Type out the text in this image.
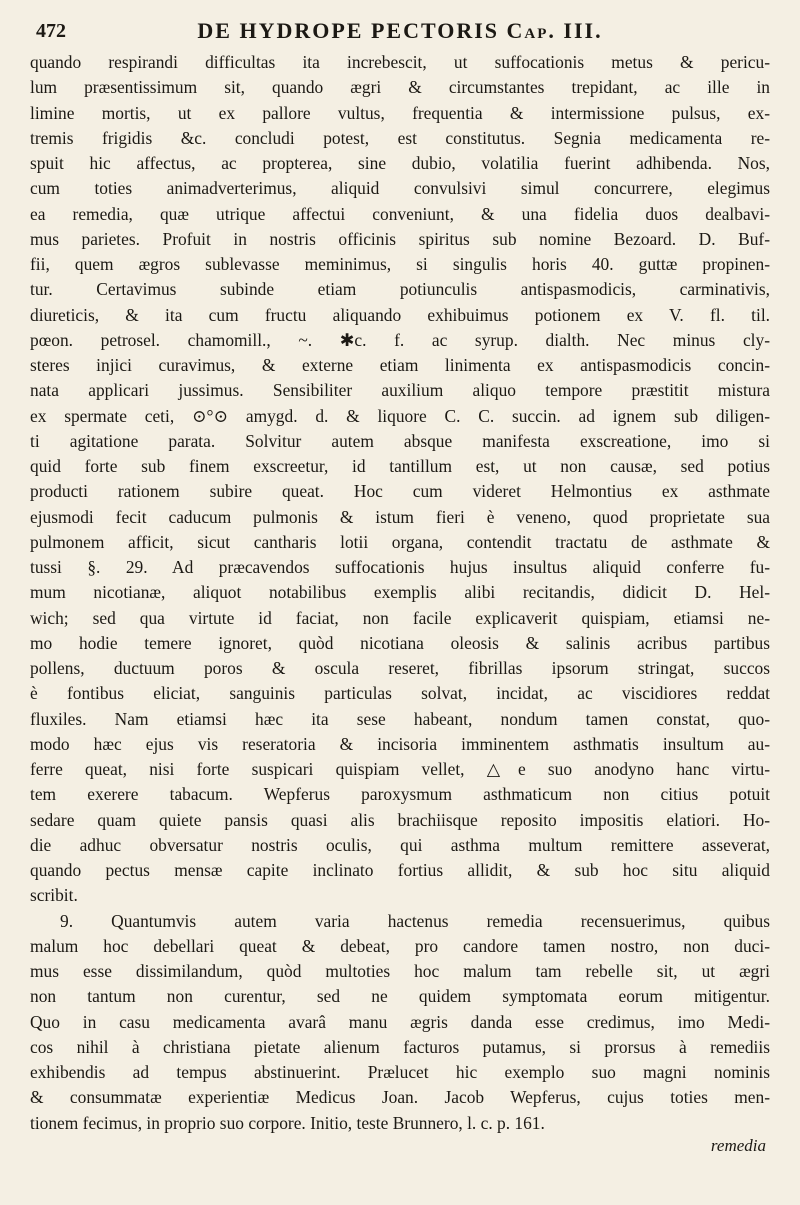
472	DE HYDROPE PECTORIS Cap. III.
quando respirandi difficultas ita increbescit, ut suffocationis metus & pericu-
lum præsentissimum sit, quando ægri & circumstantes trepidant, ac ille in
limine mortis, ut ex pallore vultus, frequentia & intermissione pulsus, ex-
tremis frigidis &c. concludi potest, est constitutus. Segnia medicamenta re-
spuit hic affectus, ac propterea, sine dubio, volatilia fuerint adhibenda. Nos,
cum toties animadverterimus, aliquid convulsivi simul concurrere, elegimus
ea remedia, quæ utrique affectui conveniunt, & una fidelia duos dealbavi-
mus parietes. Profuit in nostris officinis spiritus sub nomine Bezoard. D. Buf-
fii, quem ægros sublevasse meminimus, si singulis horis 40. guttæ propinen-
tur. Certavimus subinde etiam potiunculis antispasmodicis, carminativis,
diureticis, & ita cum fructu aliquando exhibuimus potionem ex V. fl. til.
pœon. petrosel. chamomill., ~. ✱c. f. ac syrup. dialth. Nec minus cly-
steres injici curavimus, & externe etiam linimenta ex antispasmodicis concin-
nata applicari jussimus. Sensibiliter auxilium aliquo tempore præstitit mistura
ex spermate ceti, ⊙°⊙ amygd. d. & liquore C. C. succin. ad ignem sub diligen-
ti agitatione parata. Solvitur autem absque manifesta exscreatione, imo si
quid forte sub finem exscreetur, id tantillum est, ut non causæ, sed potius
producti rationem subire queat. Hoc cum videret Helmontius ex asthmate
ejusmodi fecit caducum pulmonis & istum fieri è veneno, quod proprietate sua
pulmonem afficit, sicut cantharis lotii organa, contendit tractatu de asthmate &
tussi §. 29. Ad præcavendos suffocationis hujus insultus aliquid conferre fu-
mum nicotianæ, aliquot notabilibus exemplis alibi recitandis, didicit D. Hel-
wich; sed qua virtute id faciat, non facile explicaverit quispiam, etiamsi ne-
mo hodie temere ignoret, quòd nicotiana oleosis & salinis acribus partibus
pollens, ductuum poros & oscula reseret, fibrillas ipsorum stringat, succos
è fontibus eliciat, sanguinis particulas solvat, incidat, ac viscidiores reddat
fluxiles. Nam etiamsi hæc ita sese habeant, nondum tamen constat, quo-
modo hæc ejus vis reseratoria & incisoria imminentem asthmatis insultum au-
ferre queat, nisi forte suspicari quispiam vellet, △e suo anodyno hanc virtu-
tem exerere tabacum. Wepferus paroxysmum asthmaticum non citius potuit
sedare quam quiete pansis quasi alis brachiisque reposito impositis elatiori. Ho-
die adhuc obversatur nostris oculis, qui asthma multum remittere asseverat,
quando pectus mensæ capite inclinato fortius allidit, & sub hoc situ aliquid
scribit.
9. Quantumvis autem varia hactenus remedia recensuerimus, quibus
malum hoc debellari queat & debeat, pro candore tamen nostro, non duci-
mus esse dissimilandum, quòd multoties hoc malum tam rebelle sit, ut ægri
non tantum non curentur, sed ne quidem symptomata eorum mitigentur.
Quo in casu medicamenta avarâ manu ægris danda esse credimus, imo Medi-
cos nihil à christiana pietate alienum facturos putamus, si prorsus à remediis
exhibendis ad tempus abstinuerint. Prælucet hic exemplo suo magni nominis
& consummatæ experientiæ Medicus Joan. Jacob Wepferus, cujus toties men-
tionem fecimus, in proprio suo corpore. Initio, teste Brunnero, l. c. p. 161.
remedia
